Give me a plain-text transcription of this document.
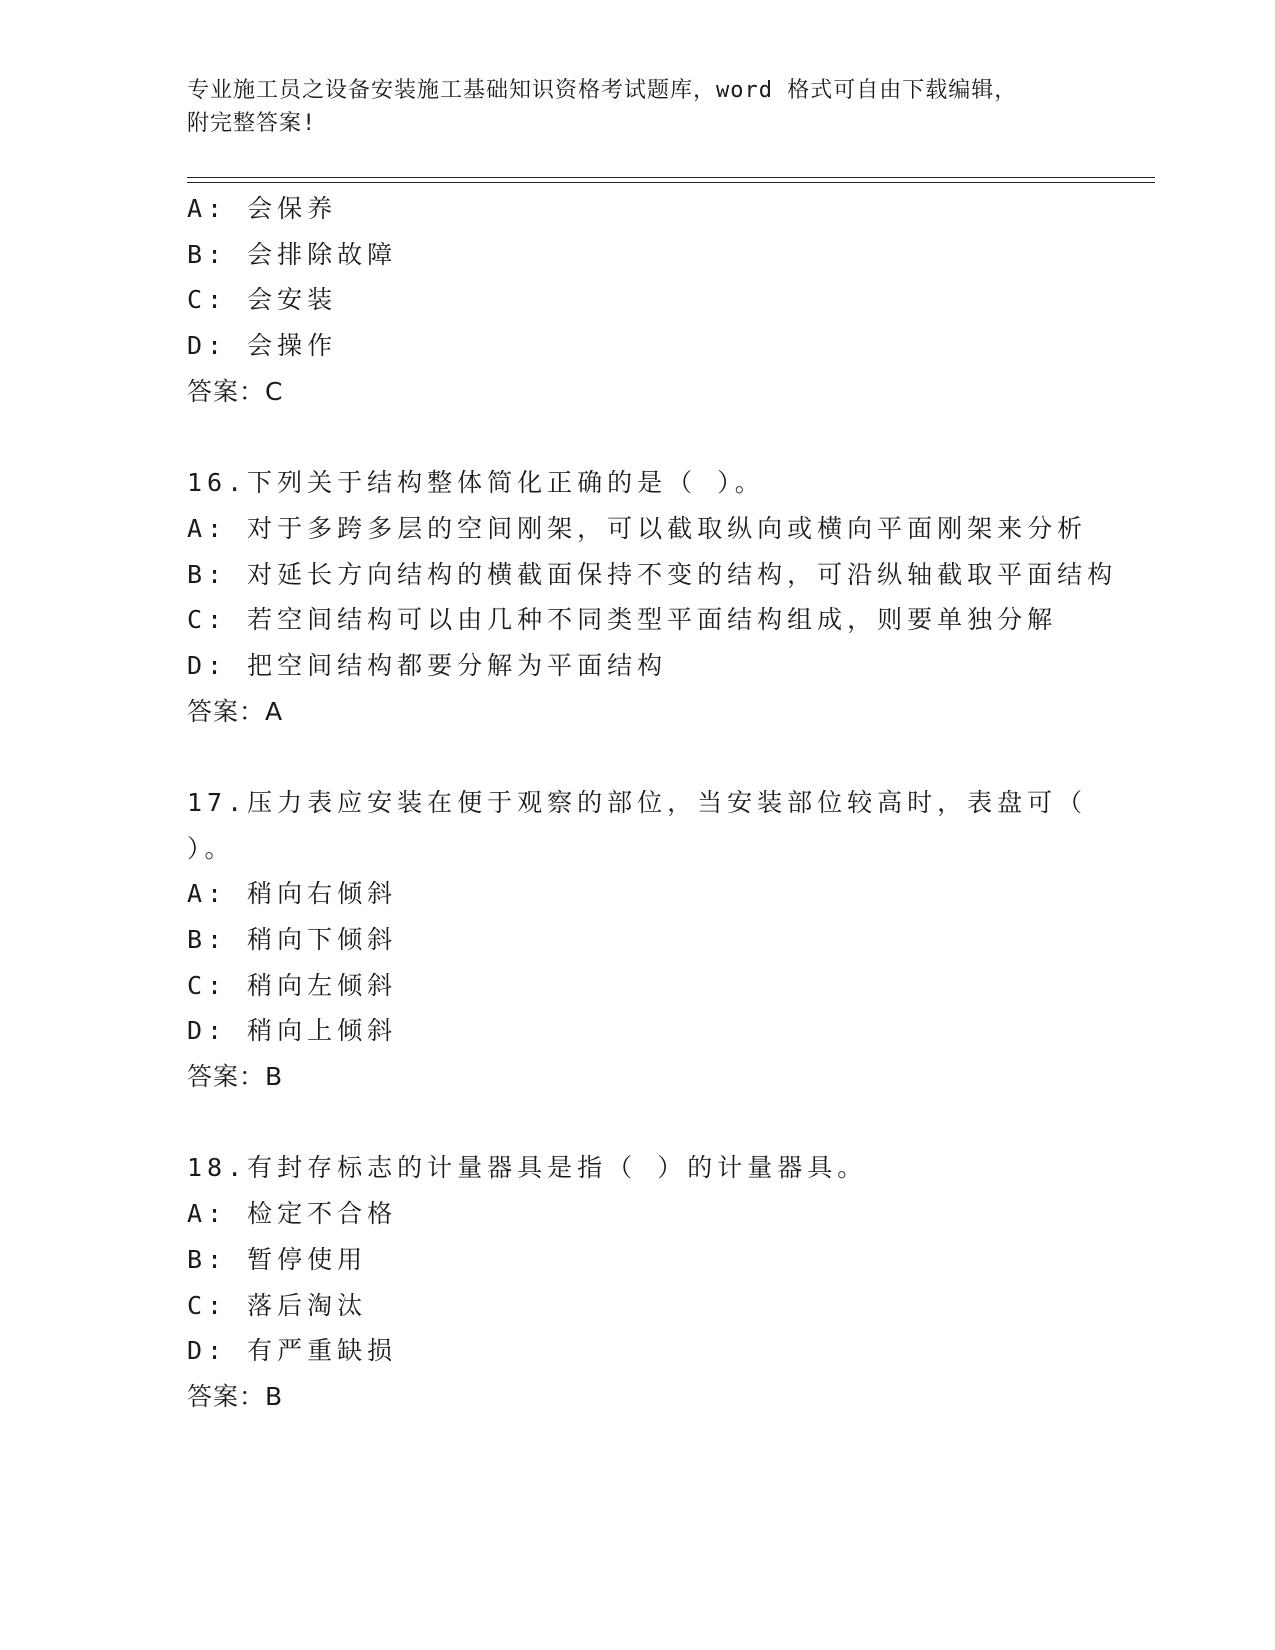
专业施工员之设备安装施工基础知识资格考试题库，word 格式可自由下载编辑，
附完整答案!
A: 会保养
B: 会排除故障
C: 会安装
D: 会操作
答案：C
16.下列关于结构整体简化正确的是（ ）。
A: 对于多跨多层的空间刚架，可以截取纵向或横向平面刚架来分析
B: 对延长方向结构的横截面保持不变的结构，可沿纵轴截取平面结构
C: 若空间结构可以由几种不同类型平面结构组成，则要单独分解
D: 把空间结构都要分解为平面结构
答案：A
17.压力表应安装在便于观察的部位，当安装部位较高时，表盘可（
）。
A: 稍向右倾斜
B: 稍向下倾斜
C: 稍向左倾斜
D: 稍向上倾斜
答案：B
18.有封存标志的计量器具是指（ ）的计量器具。
A: 检定不合格
B: 暂停使用
C: 落后淘汰
D: 有严重缺损
答案：B
